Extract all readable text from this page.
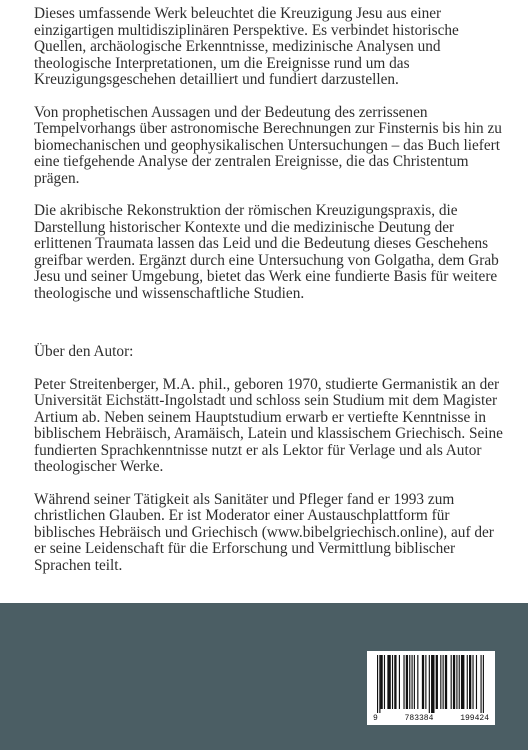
Dieses umfassende Werk beleuchtet die Kreuzigung Jesu aus einer einzigartigen multidisziplinären Perspektive. Es verbindet historische Quellen, archäologische Erkenntnisse, medizinische Analysen und theologische Interpretationen, um die Ereignisse rund um das Kreuzigungsgeschehen detailliert und fundiert darzustellen.

Von prophetischen Aussagen und der Bedeutung des zerrissenen Tempelvorhangs über astronomische Berechnungen zur Finsternis bis hin zu biomechanischen und geophysikalischen Untersuchungen – das Buch liefert eine tiefgehende Analyse der zentralen Ereignisse, die das Christentum prägen.

Die akribische Rekonstruktion der römischen Kreuzigungspraxis, die Darstellung historischer Kontexte und die medizinische Deutung der erlittenen Traumata lassen das Leid und die Bedeutung dieses Geschehens greifbar werden. Ergänzt durch eine Untersuchung von Golgatha, dem Grab Jesu und seiner Umgebung, bietet das Werk eine fundierte Basis für weitere theologische und wissenschaftliche Studien.

Über den Autor:

Peter Streitenberger, M.A. phil., geboren 1970, studierte Germanistik an der Universität Eichstätt-Ingolstadt und schloss sein Studium mit dem Magister Artium ab. Neben seinem Hauptstudium erwarb er vertiefte Kenntnisse in biblischem Hebräisch, Aramäisch, Latein und klassischem Griechisch. Seine fundierten Sprachkenntnisse nutzt er als Lektor für Verlage und als Autor theologischer Werke.

Während seiner Tätigkeit als Sanitäter und Pfleger fand er 1993 zum christlichen Glauben. Er ist Moderator einer Austauschplattform für biblisches Hebräisch und Griechisch (www.bibelgriechisch.online), auf der er seine Leidenschaft für die Erforschung und Vermittlung biblischer Sprachen teilt.

9	783384	199424
